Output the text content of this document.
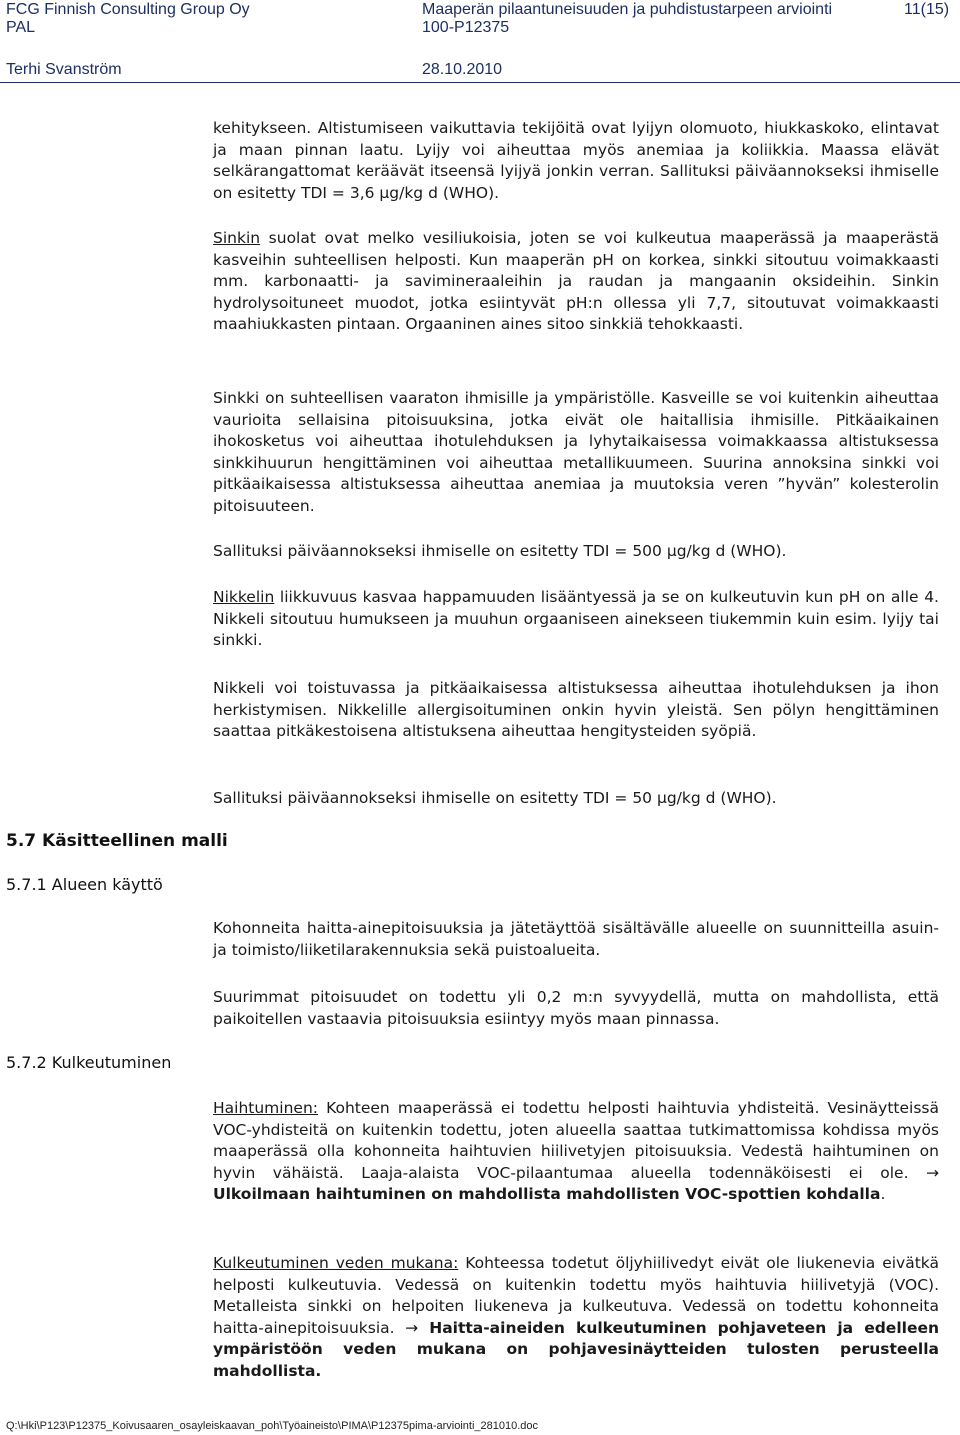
FCG Finnish Consulting Group Oy
PAL
Maaperän pilaantuneisuuden ja puhdistustarpeen arviointi
100-P12375
11(15)
Terhi Svanström	28.10.2010

kehitykseen. Altistumiseen vaikuttavia tekijöitä ovat lyijyn olomuoto, hiukkaskoko, elintavat ja maan pinnan laatu. Lyijy voi aiheuttaa myös anemiaa ja koliikkia. Maassa elävät selkärangattomat keräävät itseensä lyijyä jonkin verran. Sallituksi päiväannokseksi ihmiselle on esitetty TDI = 3,6 µg/kg d (WHO).

Sinkin suolat ovat melko vesiliukoisia, joten se voi kulkeutua maaperässä ja maaperästä kasveihin suhteellisen helposti. Kun maaperän pH on korkea, sinkki sitoutuu voimakkaasti mm. karbonaatti- ja savimineraaleihin ja raudan ja mangaanin oksideihin. Sinkin hydrolysoituneet muodot, jotka esiintyvät pH:n ollessa yli 7,7, sitoutuvat voimakkaasti maahiukkasten pintaan. Orgaaninen aines sitoo sinkkiä tehokkaasti.

Sinkki on suhteellisen vaaraton ihmisille ja ympäristölle. Kasveille se voi kuitenkin aiheuttaa vaurioita sellaisina pitoisuuksina, jotka eivät ole haitallisia ihmisille. Pitkäaikainen ihokosketus voi aiheuttaa ihotulehduksen ja lyhytaikaisessa voimakkaassa altistuksessa sinkkihuurun hengittäminen voi aiheuttaa metallikuumeen. Suurina annoksina sinkki voi pitkäaikaisessa altistuksessa aiheuttaa anemiaa ja muutoksia veren ”hyvän” kolesterolin pitoisuuteen.

Sallituksi päiväannokseksi ihmiselle on esitetty TDI = 500 µg/kg d (WHO).

Nikkelin liikkuvuus kasvaa happamuuden lisääntyessä ja se on kulkeutuvin kun pH on alle 4. Nikkeli sitoutuu humukseen ja muuhun orgaaniseen ainekseen tiukemmin kuin esim. lyijy tai sinkki.

Nikkeli voi toistuvassa ja pitkäaikaisessa altistuksessa aiheuttaa ihotulehduksen ja ihon herkistymisen. Nikkelille allergisoituminen onkin hyvin yleistä. Sen pölyn hengittäminen saattaa pitkäkestoisena altistuksena aiheuttaa hengitysteiden syöpiä.

Sallituksi päiväannokseksi ihmiselle on esitetty TDI = 50 µg/kg d (WHO).

5.7 Käsitteellinen malli
5.7.1 Alueen käyttö

Kohonneita haitta-ainepitoisuuksia ja jätetäyttöä sisältävälle alueelle on suunnitteilla asuin- ja toimisto/liiketilarakennuksia sekä puistoalueita.

Suurimmat pitoisuudet on todettu yli 0,2 m:n syvyydellä, mutta on mahdollista, että paikoitellen vastaavia pitoisuuksia esiintyy myös maan pinnassa.

5.7.2 Kulkeutuminen

Haihtuminen: Kohteen maaperässä ei todettu helposti haihtuvia yhdisteitä. Vesinäytteissä VOC-yhdisteitä on kuitenkin todettu, joten alueella saattaa tutkimattomissa kohdissa myös maaperässä olla kohonneita haihtuvien hiilivetyjen pitoisuuksia. Vedestä haihtuminen on hyvin vähäistä. Laaja-alaista VOC-pilaantumaa alueella todennäköisesti ei ole. → Ulkoilmaan haihtuminen on mahdollista mahdollisten VOC-spottien kohdalla.

Kulkeutuminen veden mukana: Kohteessa todetut öljyhiilivedyt eivät ole liukenevia eivätkä helposti kulkeutuvia. Vedessä on kuitenkin todettu myös haihtuvia hiilivetyjä (VOC). Metalleista sinkki on helpoiten liukeneva ja kulkeutuva. Vedessä on todettu kohonneita haitta-ainepitoisuuksia. → Haitta-aineiden kulkeutuminen pohjaveteen ja edelleen ympäristöön veden mukana on pohjavesinäytteiden tulosten perusteella mahdollista.

Q:\Hki\P123\P12375_Koivusaaren_osayleiskaavan_poh\Työaineisto\PIMA\P12375pima-arviointi_281010.doc
